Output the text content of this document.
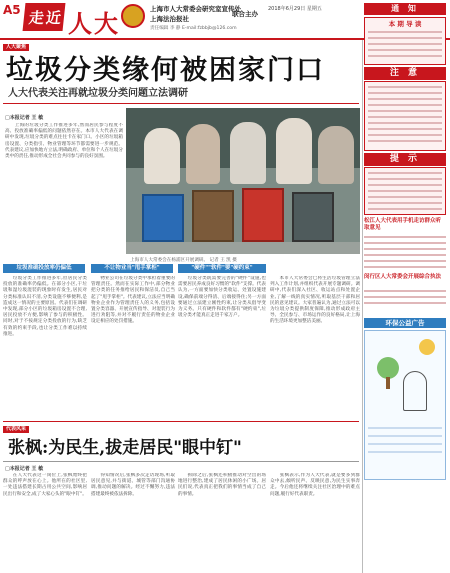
A5 走近 人大
上海市人大常委会研究室宣传处
上海法治报社
联合主办
责任编辑 李 静 E-mail:fzbbjb@126.com
2018年6月29日 星期五
人大聚焦
垃圾分类缘何被困家门口
人大代表关注再就垃圾分类问题立法调研
□本报记者 王 敏
　　上海的垃圾分类工作推进多年,然而居民参与程度不高、投放准确率偏低的问题依然存在。本市人大代表在调研中发现,垃圾分类的难点往往卡在家门口。小区的垃圾箱房设置、分类指引、物业管理等环节都需要进一步规范。代表建议,应加快地方立法,明确政府、单位和个人在垃圾分类中的责任,推动形成全社会共同参与的良好氛围。
上海市人大常委会在杨浦区开展调研。 记者 王 凯 摄
垃圾准确投放率仍偏低	不让物业当"甩手掌柜"	"硬件""软件"要"硬约束"
　　垃圾分类工作推进多年,但居民分类投放的准确率仍偏低。在部分小区,干垃圾和湿垃圾混装的现象时有发生,居民对分类标准认识不清,分类设施不够便利,是造成这一情况的主要原因。代表们在调研中发现,部分小区的垃圾箱房设置不合理,居民投放不方便,影响了参与的积极性。同时,对于不按规定分类投放的行为,缺乏有效的约束手段,也让分类工作难以持续推进。
　　物业公司在垃圾分类中承担着重要的管理责任。然而在实际工作中,部分物业把分类的任务推给居民和保洁员,自己当起了"甩手掌柜"。代表建议,立法应当明确物业企业作为管理责任人的义务,包括设置分类容器、开展宣传指导、对混装行为进行劝阻等,并对不履行责任的物业企业设定相应的处罚措施。
　　垃圾分类既需要完善的"硬件"设施,也需要居民养成良好习惯的"软件"支撑。代表认为,一方面要加快分类收运、处置设施建设,确保前端分得清、后端接得住;另一方面要通过立法建立刚性约束,让分类从倡导变为义务。只有硬件和软件都有"硬约束",垃圾分类才能真正走进千家万户。
　　本市人大常委会已将生活垃圾管理立法列入工作计划,并组织代表开展专题调研。调研中,代表们深入社区、收运站点和处置企业,了解一线的真实情况,听取基层干部和居民的意见建议。大家普遍认为,通过立法可以为垃圾分类提供制度保障,推动形成政府主导、全民参与、市场运作的良好格局,让上海的生活环境更加整洁美丽。
代表风采
张枫:为民生,拔走居民"眼中钉"
□本报记者 王 敏
　　在人大代表这一岗位上,张枫始终把群众的呼声放在心上。他所在的社区里,一处违法搭建长期占用公共空间,影响居民出行和安全,成了大家心头的"眼中钉"。
　　得知情况后,张枫多次走访现场,听取居民意见,并与街道、城管等部门沟通协调,推动问题的解决。经过不懈努力,违法搭建最终被依法拆除。
　　拆除之后,张枫还积极推动对空出的场地进行整治,建成了居民休闲的小广场。居民们说,代表真正把我们的事情当成了自己的事情。
　　张枫表示,作为人大代表,就是要多到群众中去,倾听民声、反映民意,为民生实事奔走。今后他还将继续关注社区治理中的难点问题,履行好代表职责。
通 知
本 期 导 读
注 意
提 示
松江人大代表用手机走访群众听取意见
闵行区人大常委会开展综合执法
环保公益广告
